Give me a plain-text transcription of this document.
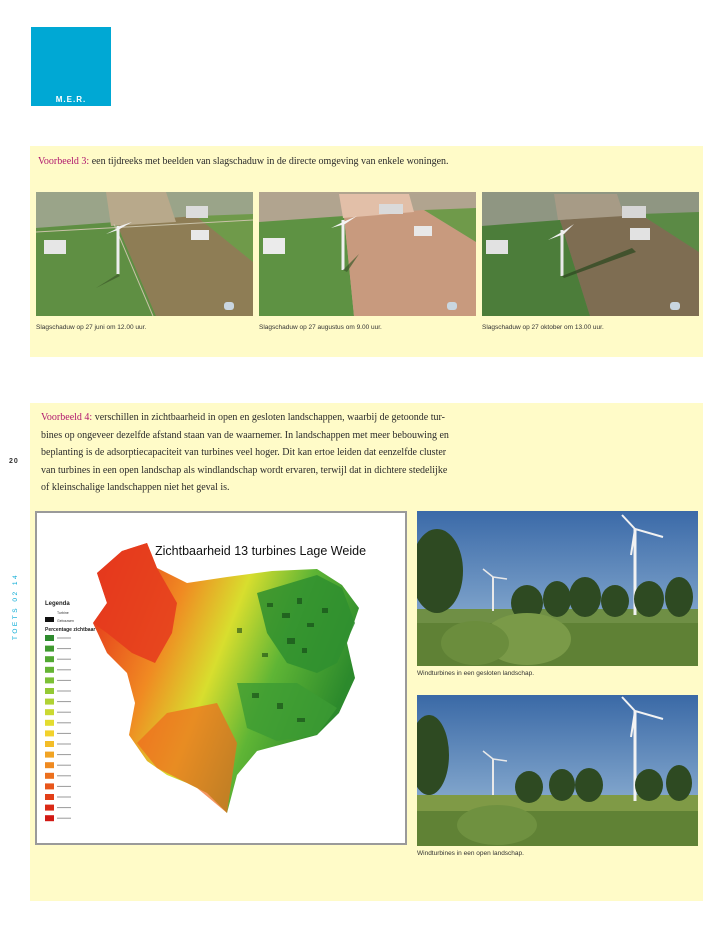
M.E.R.
20
TOETS 02 14
Voorbeeld 3: een tijdreeks met beelden van slagschaduw in de directe omgeving van enkele woningen.
Slagschaduw op 27 juni om 12.00 uur.	Slagschaduw op 27 augustus om 9.00 uur.	Slagschaduw op 27 oktober om 13.00 uur.
Voorbeeld 4: verschillen in zichtbaarheid in open en gesloten landschappen, waarbij de getoonde tur-
bines op ongeveer dezelfde afstand staan van de waarnemer. In landschappen met meer bebouwing en
beplanting is de adsorptiecapaciteit van turbines veel hoger. Dit kan ertoe leiden dat eenzelfde cluster
van turbines in een open landschap als windlandschap wordt ervaren, terwijl dat in dichtere stedelijke
of kleinschalige landschappen niet het geval is.
Zichtbaarheid 13 turbines Lage Weide
Legenda
Turbine
Gebouwen
Percentage zichtbaar
Windturbines in een gesloten landschap.
Windturbines in een open landschap.
